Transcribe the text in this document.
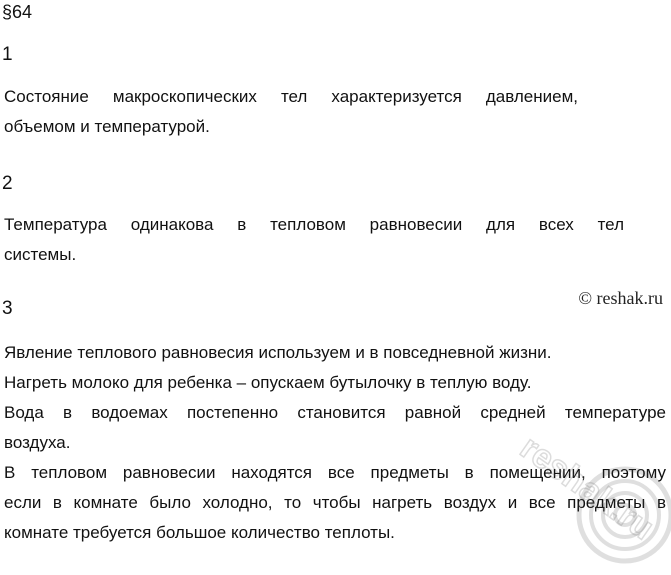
§64
1
Состояние макроскопических тел характеризуется давлением,
объемом и температурой.
2
Температура одинакова в тепловом равновесии для всех тел
системы.
3	© reshak.ru
Явление теплового равновесия используем и в повседневной жизни.
Нагреть молоко для ребенка – опускаем бутылочку в теплую воду.
Вода в водоемах постепенно становится равной средней температуре
воздуха.
В тепловом равновесии находятся все предметы в помещении, поэтому
если в комнате было холодно, то чтобы нагреть воздух и все предметы в
комнате требуется большое количество теплоты.	reshak.ru
